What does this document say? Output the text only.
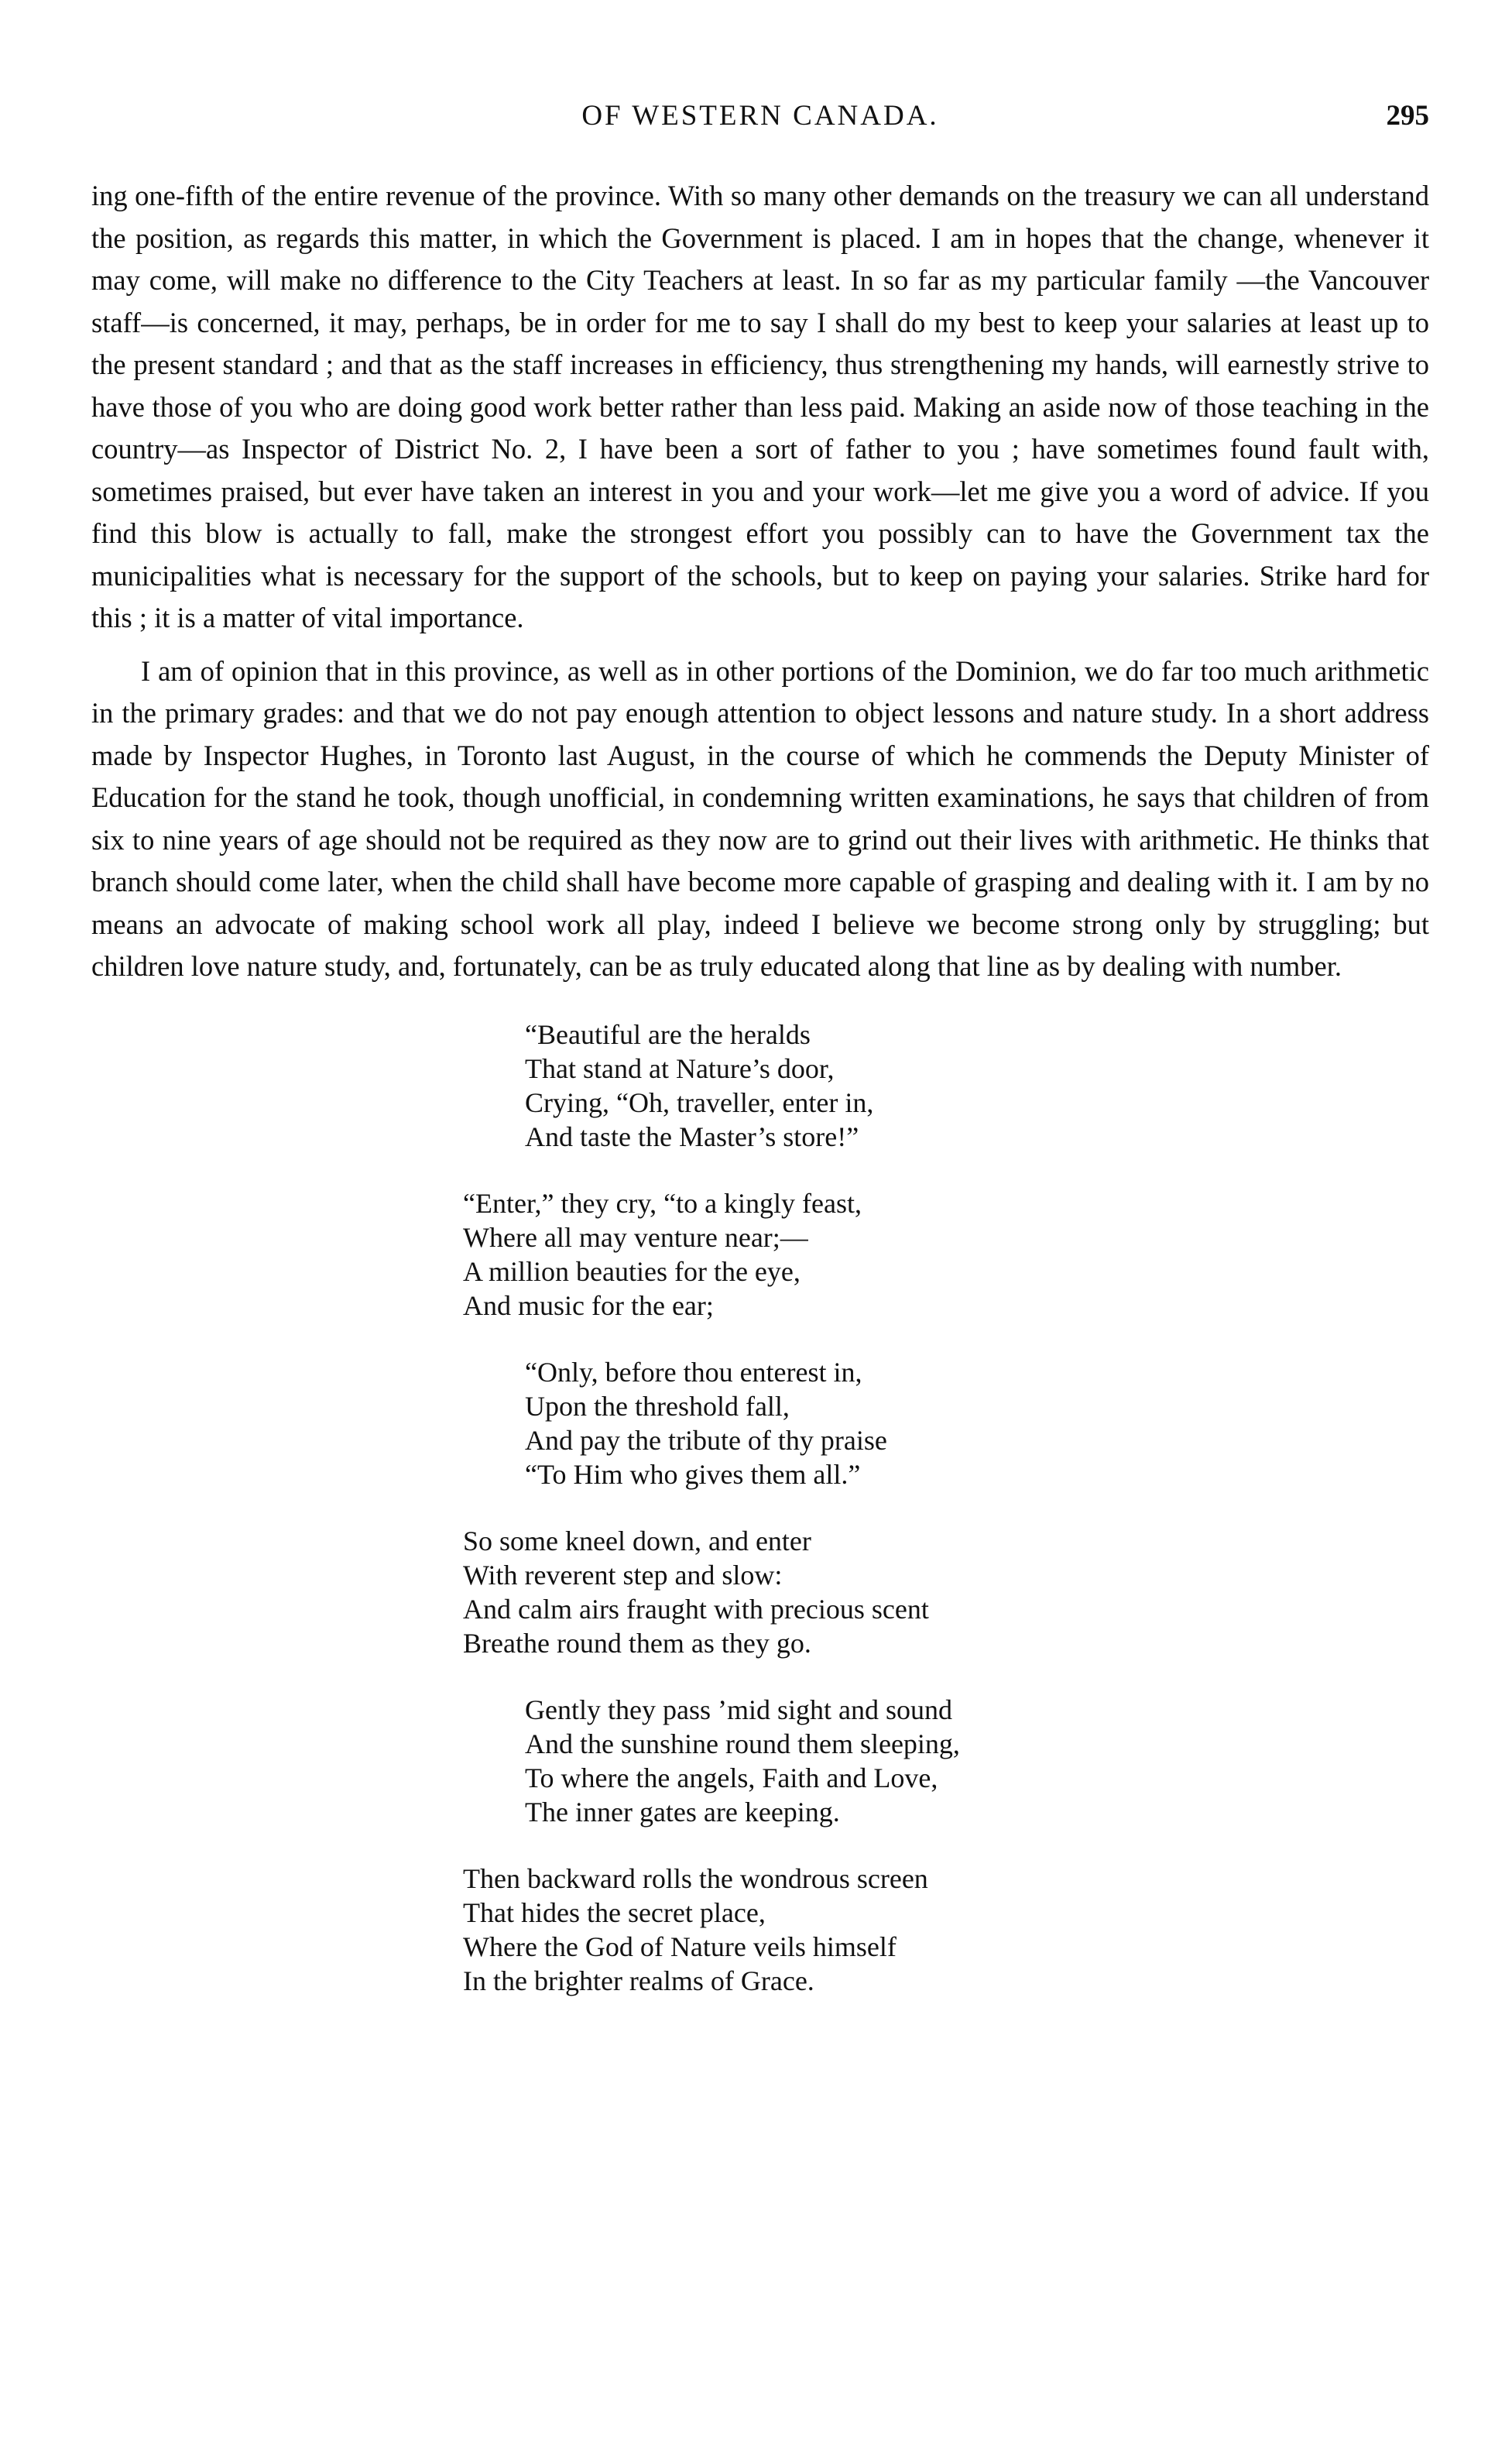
OF WESTERN CANADA.	295

ing one-fifth of the entire revenue of the province. With so many other demands on the treasury we can all understand the position, as regards this matter, in which the Government is placed. I am in hopes that the change, whenever it may come, will make no difference to the City Teachers at least. In so far as my particular family —the Vancouver staff—is concerned, it may, perhaps, be in order for me to say I shall do my best to keep your salaries at least up to the present standard ; and that as the staff increases in efficiency, thus strengthening my hands, will earnestly strive to have those of you who are doing good work better rather than less paid. Making an aside now of those teaching in the country—as Inspector of District No. 2, I have been a sort of father to you ; have sometimes found fault with, sometimes praised, but ever have taken an interest in you and your work—let me give you a word of advice. If you find this blow is actually to fall, make the strongest effort you possibly can to have the Government tax the municipalities what is necessary for the support of the schools, but to keep on paying your salaries. Strike hard for this ; it is a matter of vital importance.

I am of opinion that in this province, as well as in other portions of the Dominion, we do far too much arithmetic in the primary grades: and that we do not pay enough attention to object lessons and nature study. In a short address made by Inspector Hughes, in Toronto last August, in the course of which he commends the Deputy Minister of Education for the stand he took, though unofficial, in condemning written examinations, he says that children of from six to nine years of age should not be required as they now are to grind out their lives with arithmetic. He thinks that branch should come later, when the child shall have become more capable of grasping and dealing with it. I am by no means an advocate of making school work all play, indeed I believe we become strong only by struggling; but children love nature study, and, fortunately, can be as truly educated along that line as by dealing with number.

“Beautiful are the heralds
That stand at Nature’s door,
Crying, “Oh, traveller, enter in,
And taste the Master’s store!”
“Enter,” they cry, “to a kingly feast,
Where all may venture near;—
A million beauties for the eye,
And music for the ear;
“Only, before thou enterest in,
Upon the threshold fall,
And pay the tribute of thy praise
“To Him who gives them all.”
So some kneel down, and enter
With reverent step and slow:
And calm airs fraught with precious scent
Breathe round them as they go.
Gently they pass ’mid sight and sound
And the sunshine round them sleeping,
To where the angels, Faith and Love,
The inner gates are keeping.
Then backward rolls the wondrous screen
That hides the secret place,
Where the God of Nature veils himself
In the brighter realms of Grace.
